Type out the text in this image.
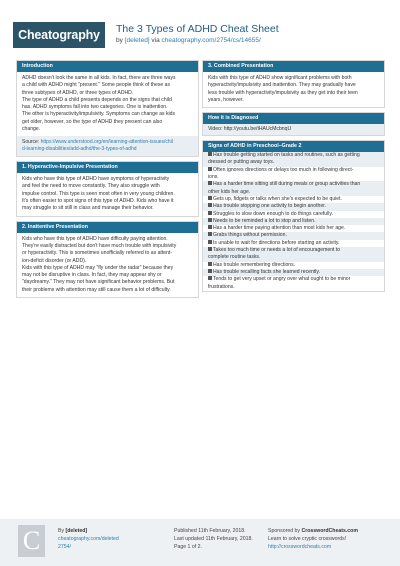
Cheatography	The 3 Types of ADHD Cheat Sheet
by [deleted] via cheatography.com/2754/cs/14655/
Introduction

ADHD doesn't look the same in all kids. In fact, there are three ways

a child with ADHD might "present." Some people think of these as

three subtypes of ADHD, or three types of ADHD.

The type of ADHD a child presents depends on the signs that child

has. ADHD symptoms fall into two categories. One is inattention.

The other is hyperactivity/impulsivity. Symptoms can change as kids

get older, however, so the type of ADHD they present can also

change.

Source: https://www.understood.org/en/learning-attention-issues/chil
d-learning-disabilities/add-adhd/the-3-types-of-adhd
1. Hyperactive-Impulsive Presentation

Kids who have this type of ADHD have symptoms of hyperactivity

and feel the need to move constantly. They also struggle with

impulse control. This type is seen most often in very young children.

It's often easier to spot signs of this type of ADHD. Kids who have it

may struggle to sit still in class and manage their behavior.

2. Inattentive Presentation

Kids who have this type of ADHD have difficulty paying attention.

They're easily distracted but don't have much trouble with impulsivity

or hyperactivity. This is sometimes unofficially referred to as attent-

ion-deficit disorder (or ADD).

Kids with this type of ADHD may "fly under the radar" because they

may not be disruptive in class. In fact, they may appear shy or

"daydreamy." They may not have significant behavior problems. But

their problems with attention may still cause them a lot of difficulty.

3. Combined Presentation

Kids with this type of ADHD show significant problems with both

hyperactivity/impulsivity and inattention. They may gradually have

less trouble with hyperactivity/impulsivity as they get into their teen

years, however.

How it is Diagnosed
Video: http://youtu.be/tHAUcMcbnqU
Signs of ADHD in Preschool–Grade 2
Has trouble getting started on tasks and routines, such as getting
dressed or putting away toys.
Often ignores directions or delays too much in following direct-
ions.
Has a harder time sitting still during meals or group activities than
other kids her age.
Gets up, fidgets or talks when she's expected to be quiet.
Has trouble stopping one activity to begin another.
Struggles to slow down enough to do things carefully.
Needs to be reminded a lot to stop and listen.
Has a harder time paying attention than most kids her age.
Grabs things without permission.
Is unable to wait for directions before starting an activity.
Takes too much time or needs a lot of encouragement to
complete routine tasks.
Has trouble remembering directions.
Has trouble recalling facts she learned recently.
Tends to get very upset or angry over what ought to be minor
frustrations.
C	By [deleted]
cheatography.com/deleted
2754/
Published 11th February, 2018.
Last updated 11th February, 2018.
Page 1 of 2.
Sponsored by CrosswordCheats.com
Learn to solve cryptic crosswords!
http://crosswordcheats.com
